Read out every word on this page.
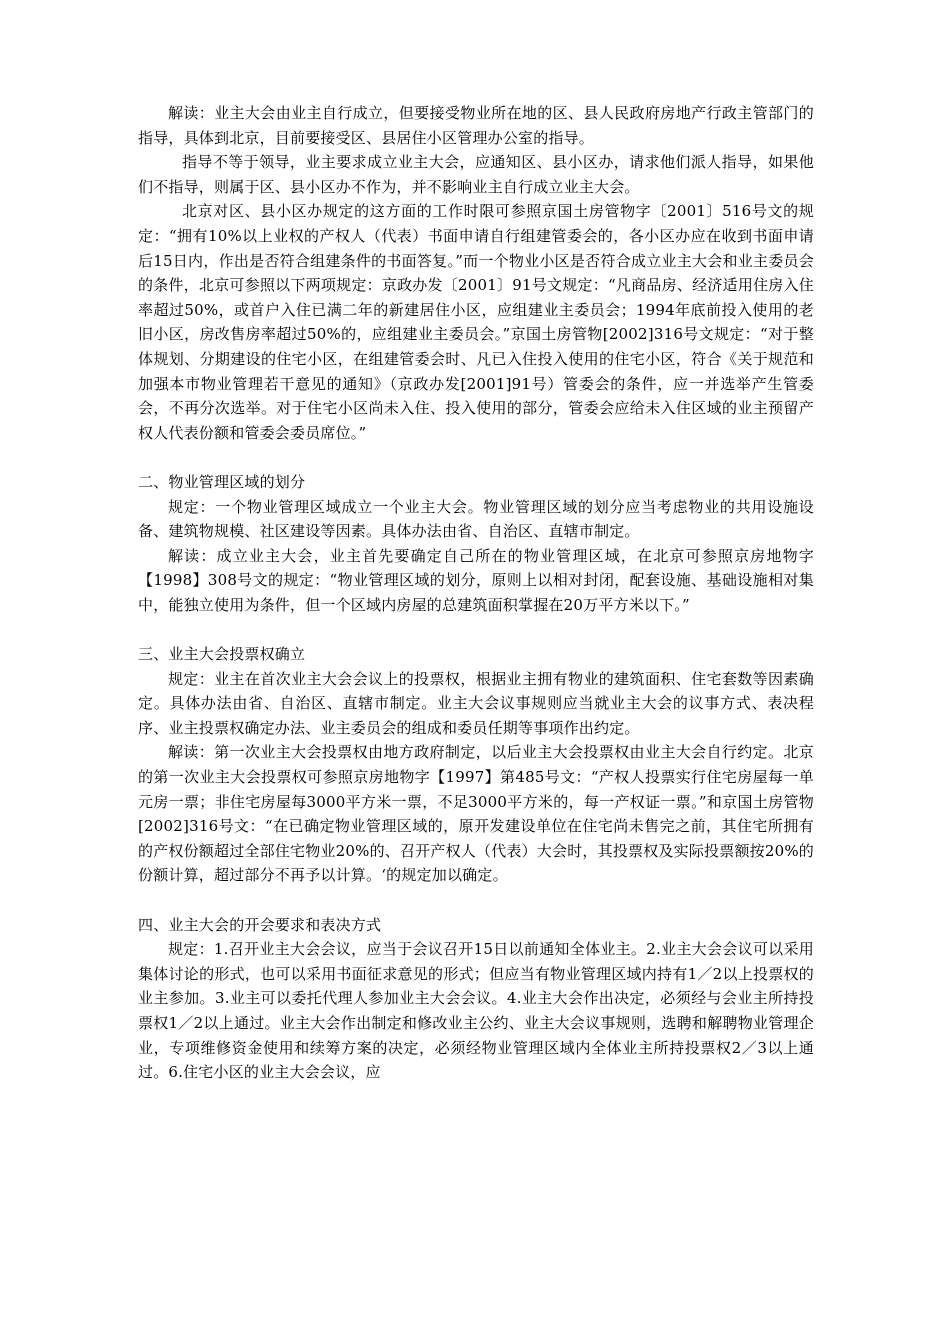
解读：业主大会由业主自行成立，但要接受物业所在地的区、县人民政府房地产行政主管部门的指导，具体到北京，目前要接受区、县居住小区管理办公室的指导。

指导不等于领导，业主要求成立业主大会，应通知区、县小区办，请求他们派人指导，如果他们不指导，则属于区、县小区办不作为，并不影响业主自行成立业主大会。

北京对区、县小区办规定的这方面的工作时限可参照京国土房管物字〔2001〕516号文的规定：“拥有10%以上业权的产权人（代表）书面申请自行组建管委会的，各小区办应在收到书面申请后15日内，作出是否符合组建条件的书面答复。”而一个物业小区是否符合成立业主大会和业主委员会的条件，北京可参照以下两项规定：京政办发〔2001〕91号文规定：“凡商品房、经济适用住房入住率超过50%，或首户入住已满二年的新建居住小区，应组建业主委员会；1994年底前投入使用的老旧小区，房改售房率超过50%的，应组建业主委员会。”京国土房管物[2002]316号文规定：“对于整体规划、分期建设的住宅小区，在组建管委会时、凡已入住投入使用的住宅小区，符合《关于规范和加强本市物业管理若干意见的通知》（京政办发[2001]91号）管委会的条件，应一并选举产生管委会，不再分次选举。对于住宅小区尚未入住、投入使用的部分，管委会应给未入住区域的业主预留产权人代表份额和管委会委员席位。”

二、物业管理区域的划分

规定：一个物业管理区域成立一个业主大会。物业管理区域的划分应当考虑物业的共用设施设备、建筑物规模、社区建设等因素。具体办法由省、自治区、直辖市制定。

解读：成立业主大会，业主首先要确定自己所在的物业管理区域，在北京可参照京房地物字【1998】308号文的规定：“物业管理区域的划分，原则上以相对封闭，配套设施、基础设施相对集中，能独立使用为条件，但一个区域内房屋的总建筑面积掌握在20万平方米以下。”

三、业主大会投票权确立

规定：业主在首次业主大会会议上的投票权，根据业主拥有物业的建筑面积、住宅套数等因素确定。具体办法由省、自治区、直辖市制定。业主大会议事规则应当就业主大会的议事方式、表决程序、业主投票权确定办法、业主委员会的组成和委员任期等事项作出约定。

解读：第一次业主大会投票权由地方政府制定，以后业主大会投票权由业主大会自行约定。北京的第一次业主大会投票权可参照京房地物字【1997】第485号文：“产权人投票实行住宅房屋每一单元房一票；非住宅房屋每3000平方米一票，不足3000平方米的，每一产权证一票。”和京国土房管物[2002]316号文：“在已确定物业管理区域的，原开发建设单位在住宅尚未售完之前，其住宅所拥有的产权份额超过全部住宅物业20%的、召开产权人（代表）大会时，其投票权及实际投票额按20%的份额计算，超过部分不再予以计算。‘的规定加以确定。

四、业主大会的开会要求和表决方式

规定：1.召开业主大会会议，应当于会议召开15日以前通知全体业主。2.业主大会会议可以采用集体讨论的形式，也可以采用书面征求意见的形式；但应当有物业管理区域内持有1／2以上投票权的业主参加。3.业主可以委托代理人参加业主大会会议。4.业主大会作出决定，必须经与会业主所持投票权1／2以上通过。业主大会作出制定和修改业主公约、业主大会议事规则，选聘和解聘物业管理企业，专项维修资金使用和续筹方案的决定，必须经物业管理区域内全体业主所持投票权2／3以上通过。6.住宅小区的业主大会会议，应
